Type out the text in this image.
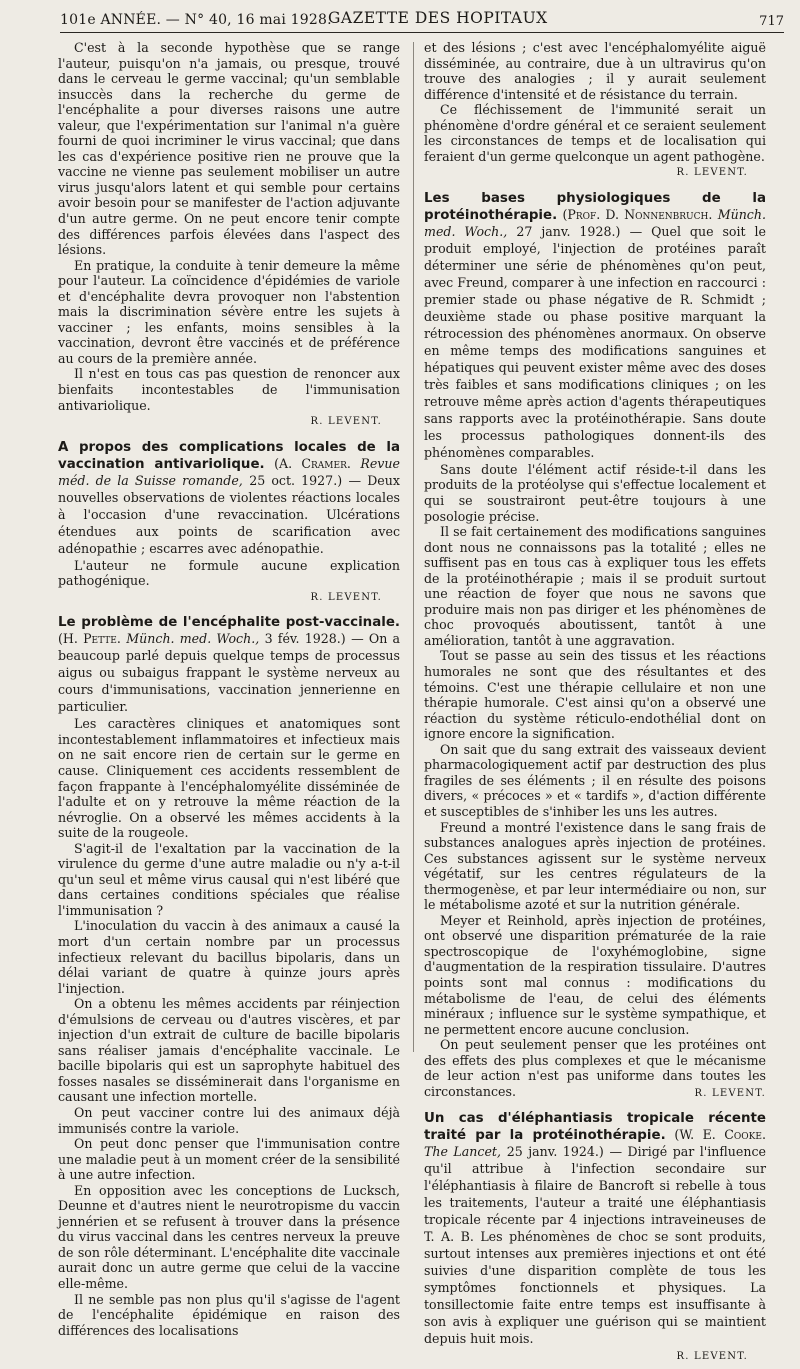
101e ANNÉE. — N° 40, 16 mai 1928.
GAZETTE DES HOPITAUX	717

C'est à la seconde hypothèse que se range l'auteur, puisqu'on n'a jamais, ou presque, trouvé dans le cerveau le germe vaccinal; qu'un semblable insuccès dans la recherche du germe de l'encéphalite a pour diverses raisons une autre valeur, que l'expérimentation sur l'animal n'a guère fourni de quoi incriminer le virus vaccinal; que dans les cas d'expérience positive rien ne prouve que la vaccine ne vienne pas seulement mobiliser un autre virus jusqu'alors latent et qui semble pour certains avoir besoin pour se manifester de l'action adjuvante d'un autre germe. On ne peut encore tenir compte des différences parfois élevées dans l'aspect des lésions.

En pratique, la conduite à tenir demeure la même pour l'auteur. La coïncidence d'épidémies de variole et d'encéphalite devra provoquer non l'abstention mais la discrimination sévère entre les sujets à vacciner ; les enfants, moins sensibles à la vaccination, devront être vaccinés et de préférence au cours de la première année.

Il n'est en tous cas pas question de renoncer aux bienfaits incontestables de l'immunisation antivariolique.

R. LEVENT.

A propos des complications locales de la vaccination antivariolique. (A. Cramer. Revue méd. de la Suisse romande, 25 oct. 1927.) — Deux nouvelles observations de violentes réactions locales à l'occasion d'une revaccination. Ulcérations étendues aux points de scarification avec adénopathie ; escarres avec adénopathie.

L'auteur ne formule aucune explication pathogénique.

R. LEVENT.

Le problème de l'encéphalite post-vaccinale. (H. Pette. Münch. med. Woch., 3 fév. 1928.) — On a beaucoup parlé depuis quelque temps de processus aigus ou subaigus frappant le système nerveux au cours d'immunisations, vaccination jennerienne en particulier.

Les caractères cliniques et anatomiques sont incontestablement inflammatoires et infectieux mais on ne sait encore rien de certain sur le germe en cause. Cliniquement ces accidents ressemblent de façon frappante à l'encéphalomyélite disséminée de l'adulte et on y retrouve la même réaction de la névroglie. On a observé les mêmes accidents à la suite de la rougeole.

S'agit-il de l'exaltation par la vaccination de la virulence du germe d'une autre maladie ou n'y a-t-il qu'un seul et même virus causal qui n'est libéré que dans certaines conditions spéciales que réalise l'immunisation ?

L'inoculation du vaccin à des animaux a causé la mort d'un certain nombre par un processus infectieux relevant du bacillus bipolaris, dans un délai variant de quatre à quinze jours après l'injection.

On a obtenu les mêmes accidents par réinjection d'émulsions de cerveau ou d'autres viscères, et par injection d'un extrait de culture de bacille bipolaris sans réaliser jamais d'encéphalite vaccinale. Le bacille bipolaris qui est un saprophyte habituel des fosses nasales se disséminerait dans l'organisme en causant une infection mortelle.

On peut vacciner contre lui des animaux déjà immunisés contre la variole.

On peut donc penser que l'immunisation contre une maladie peut à un moment créer de la sensibilité à une autre infection.

En opposition avec les conceptions de Lucksch, Deunne et d'autres nient le neurotropisme du vaccin jennérien et se refusent à trouver dans la présence du virus vaccinal dans les centres nerveux la preuve de son rôle déterminant. L'encéphalite dite vaccinale aurait donc un autre germe que celui de la vaccine elle-même.

Il ne semble pas non plus qu'il s'agisse de l'agent de l'encéphalite épidémique en raison des différences des localisations

et des lésions ; c'est avec l'encéphalomyélite aiguë disséminée, au contraire, due à un ultravirus qu'on trouve des analogies ; il y aurait seulement différence d'intensité et de résistance du terrain.

Ce fléchissement de l'immunité serait un phénomène d'ordre général et ce seraient seulement les circonstances de temps et de localisation qui feraient d'un germe quelconque un agent pathogène.

R. LEVENT.

Les bases physiologiques de la protéinothérapie. (Prof. D. Nonnenbruch. Münch. med. Woch., 27 janv. 1928.) — Quel que soit le produit employé, l'injection de protéines paraît déterminer une série de phénomènes qu'on peut, avec Freund, comparer à une infection en raccourci : premier stade ou phase négative de R. Schmidt ; deuxième stade ou phase positive marquant la rétrocession des phénomènes anormaux. On observe en même temps des modifications sanguines et hépatiques qui peuvent exister même avec des doses très faibles et sans modifications cliniques ; on les retrouve même après action d'agents thérapeutiques sans rapports avec la protéinothérapie. Sans doute les processus pathologiques donnent-ils des phénomènes comparables.

Sans doute l'élément actif réside-t-il dans les produits de la protéolyse qui s'effectue localement et qui se soustrairont peut-être toujours à une posologie précise.

Il se fait certainement des modifications sanguines dont nous ne connaissons pas la totalité ; elles ne suffisent pas en tous cas à expliquer tous les effets de la protéinothérapie ; mais il se produit surtout une réaction de foyer que nous ne savons que produire mais non pas diriger et les phénomènes de choc provoqués aboutissent, tantôt à une amélioration, tantôt à une aggravation.

Tout se passe au sein des tissus et les réactions humorales ne sont que des résultantes et des témoins. C'est une thérapie cellulaire et non une thérapie humorale. C'est ainsi qu'on a observé une réaction du système réticulo-endothélial dont on ignore encore la signification.

On sait que du sang extrait des vaisseaux devient pharmacologiquement actif par destruction des plus fragiles de ses éléments ; il en résulte des poisons divers, « précoces » et « tardifs », d'action différente et susceptibles de s'inhiber les uns les autres.

Freund a montré l'existence dans le sang frais de substances analogues après injection de protéines. Ces substances agissent sur le système nerveux végétatif, sur les centres régulateurs de la thermogenèse, et par leur intermédiaire ou non, sur le métabolisme azoté et sur la nutrition générale.

Meyer et Reinhold, après injection de protéines, ont observé une disparition prématurée de la raie spectroscopique de l'oxyhémoglobine, signe d'augmentation de la respiration tissulaire. D'autres points sont mal connus : modifications du métabolisme de l'eau, de celui des éléments minéraux ; influence sur le système sympathique, et ne permettent encore aucune conclusion.

On peut seulement penser que les protéines ont des effets des plus complexes et que le mécanisme de leur action n'est pas uniforme dans toutes les circonstances.	R. LEVENT.

Un cas d'éléphantiasis tropicale récente traité par la protéinothérapie. (W. E. Cooke. The Lancet, 25 janv. 1924.) — Dirigé par l'influence qu'il attribue à l'infection secondaire sur l'éléphantiasis à filaire de Bancroft si rebelle à tous les traitements, l'auteur a traité une éléphantiasis tropicale récente par 4 injections intraveineuses de T. A. B. Les phénomènes de choc se sont produits, surtout intenses aux premières injections et ont été suivies d'une disparition complète de tous les symptômes fonctionnels et physiques. La tonsillectomie faite entre temps est insuffisante à son avis à expliquer une guérison qui se maintient depuis huit mois.

R. LEVENT.
